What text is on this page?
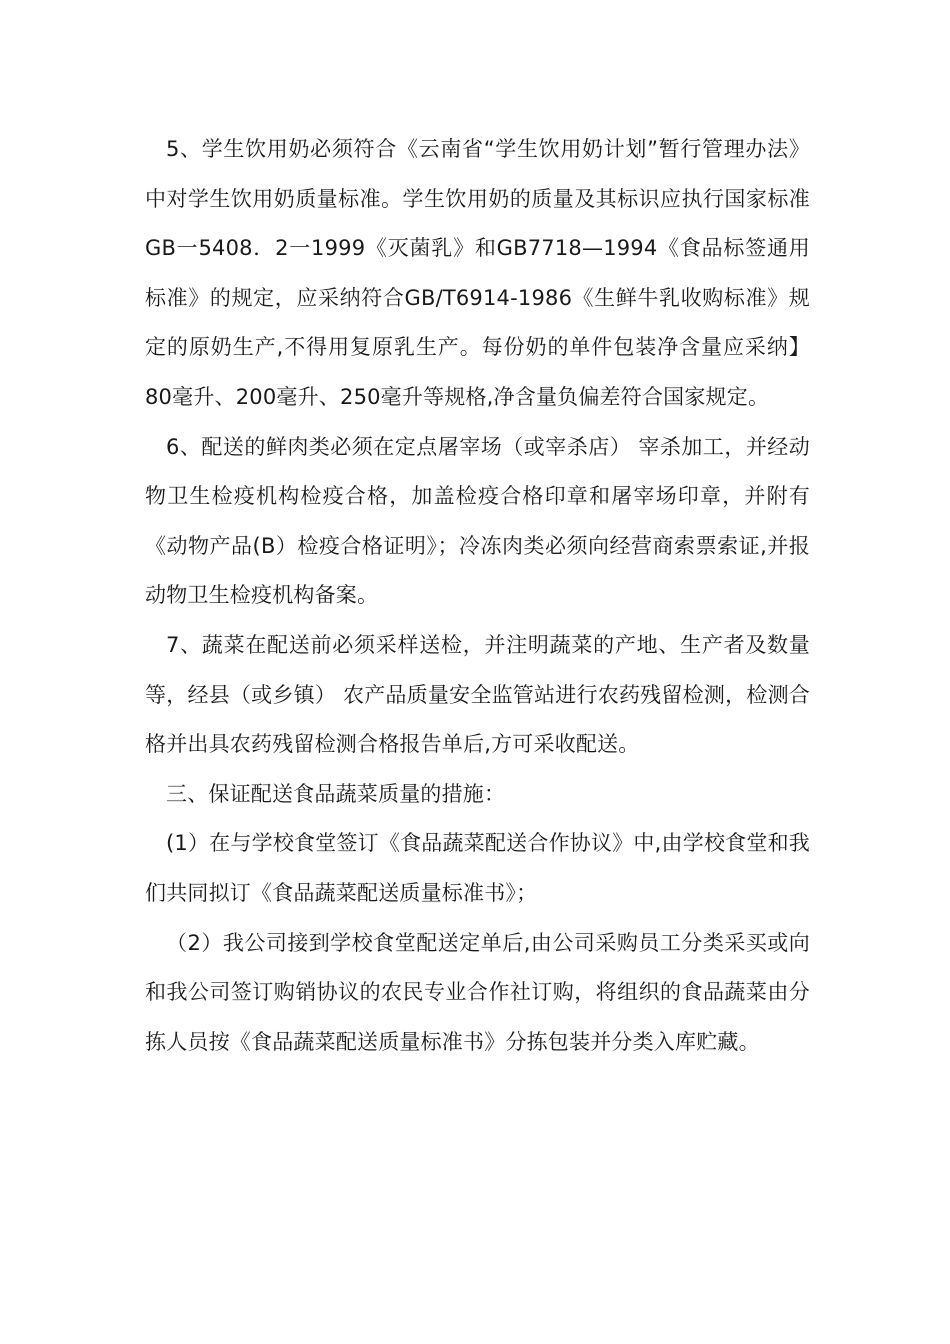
5、学生饮用奶必须符合《云南省“学生饮用奶计划”暂行管理办法》中对学生饮用奶质量标准。学生饮用奶的质量及其标识应执行国家标准GB一5408．2一1999《灭菌乳》和GB7718—1994《食品标签通用标准》的规定，应采纳符合GB/T6914-1986《生鲜牛乳收购标准》规定的原奶生产,不得用复原乳生产。每份奶的单件包装净含量应采纳】80毫升、200毫升、250毫升等规格,净含量负偏差符合国家规定。

6、配送的鲜肉类必须在定点屠宰场（或宰杀店） 宰杀加工，并经动物卫生检疫机构检疫合格，加盖检疫合格印章和屠宰场印章，并附有《动物产品(B）检疫合格证明》；冷冻肉类必须向经营商索票索证,并报动物卫生检疫机构备案。

7、蔬菜在配送前必须采样送检，并注明蔬菜的产地、生产者及数量等，经县（或乡镇） 农产品质量安全监管站进行农药残留检测，检测合格并出具农药残留检测合格报告单后,方可采收配送。

三、保证配送食品蔬菜质量的措施：

(1）在与学校食堂签订《食品蔬菜配送合作协议》中,由学校食堂和我们共同拟订《食品蔬菜配送质量标准书》；

（2）我公司接到学校食堂配送定单后,由公司采购员工分类采买或向和我公司签订购销协议的农民专业合作社订购，将组织的食品蔬菜由分拣人员按《食品蔬菜配送质量标准书》分拣包装并分类入库贮藏。
